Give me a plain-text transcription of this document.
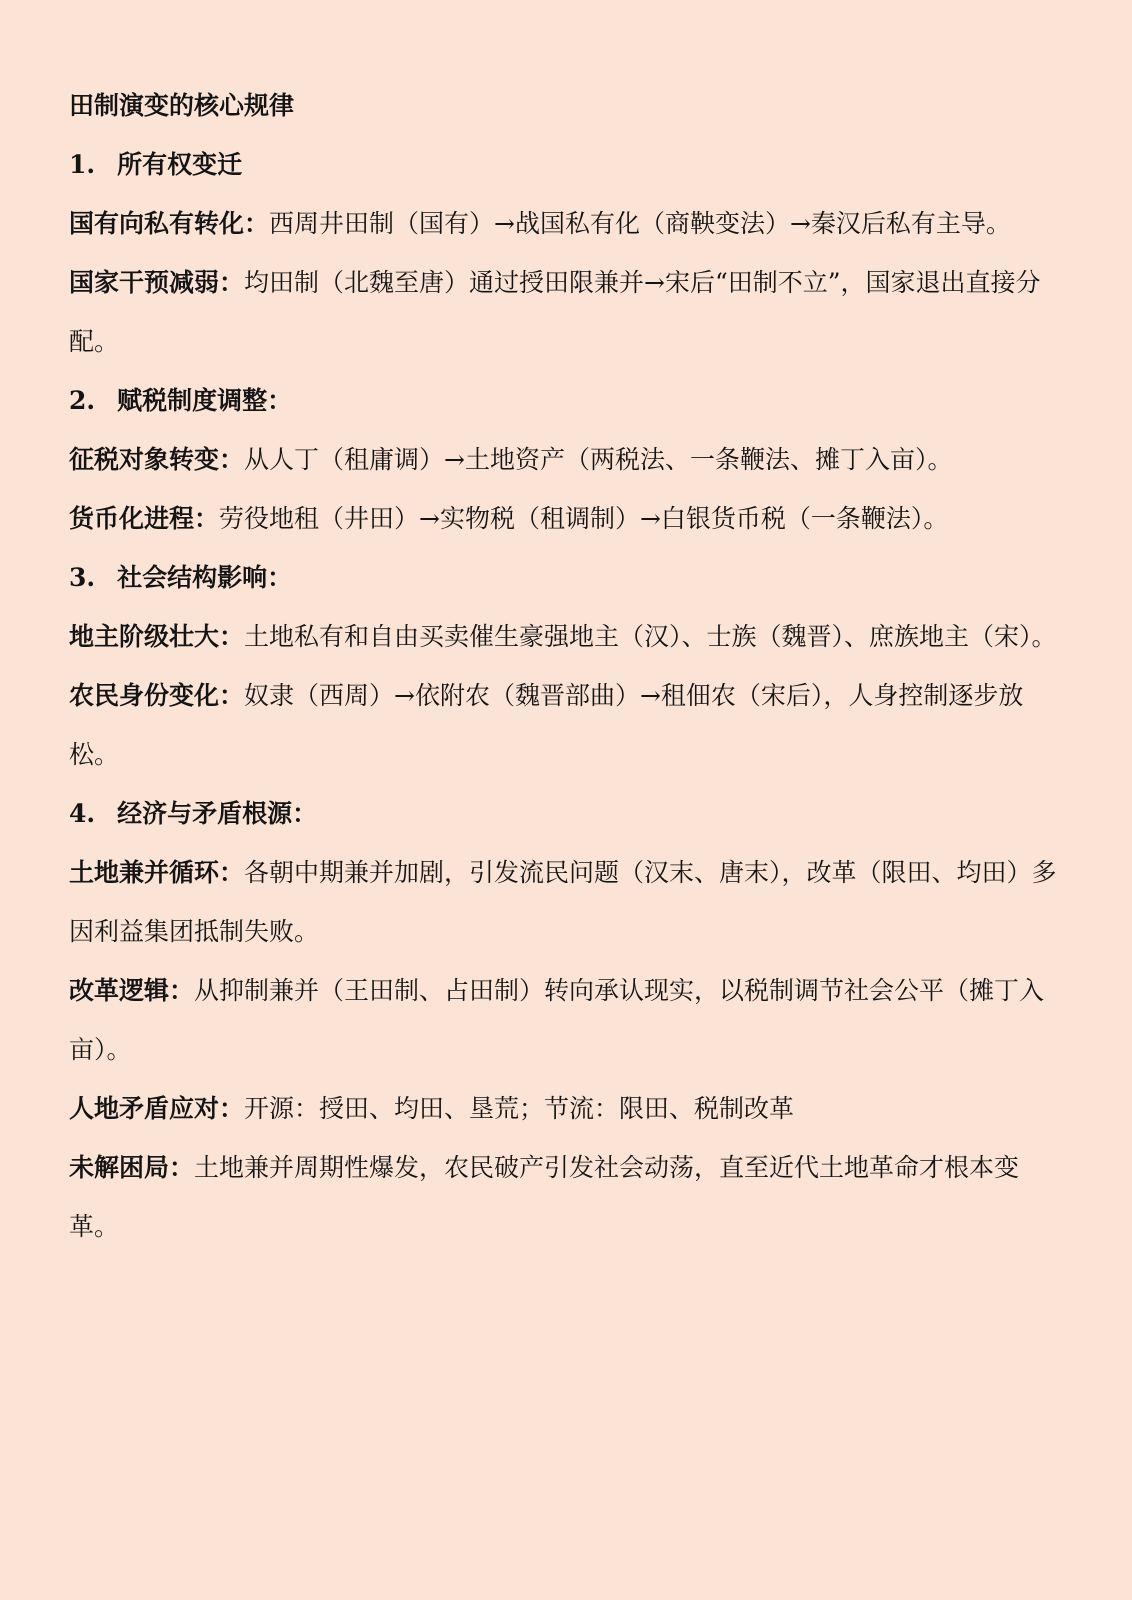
田制演变的核心规律

1. 所有权变迁

国有向私有转化：西周井田制（国有）→战国私有化（商鞅变法）→秦汉后私有主导。

国家干预减弱：均田制（北魏至唐）通过授田限兼并→宋后“田制不立”，国家退出直接分配。

2. 赋税制度调整：

征税对象转变：从人丁（租庸调）→土地资产（两税法、一条鞭法、摊丁入亩）。

货币化进程：劳役地租（井田）→实物税（租调制）→白银货币税（一条鞭法）。

3. 社会结构影响：

地主阶级壮大：土地私有和自由买卖催生豪强地主（汉）、士族（魏晋）、庶族地主（宋）。

农民身份变化：奴隶（西周）→依附农（魏晋部曲）→租佃农（宋后），人身控制逐步放松。

4. 经济与矛盾根源：

土地兼并循环：各朝中期兼并加剧，引发流民问题（汉末、唐末），改革（限田、均田）多因利益集团抵制失败。

改革逻辑：从抑制兼并（王田制、占田制）转向承认现实，以税制调节社会公平（摊丁入亩）。

人地矛盾应对：开源：授田、均田、垦荒；节流：限田、税制改革

未解困局：土地兼并周期性爆发，农民破产引发社会动荡，直至近代土地革命才根本变革。
